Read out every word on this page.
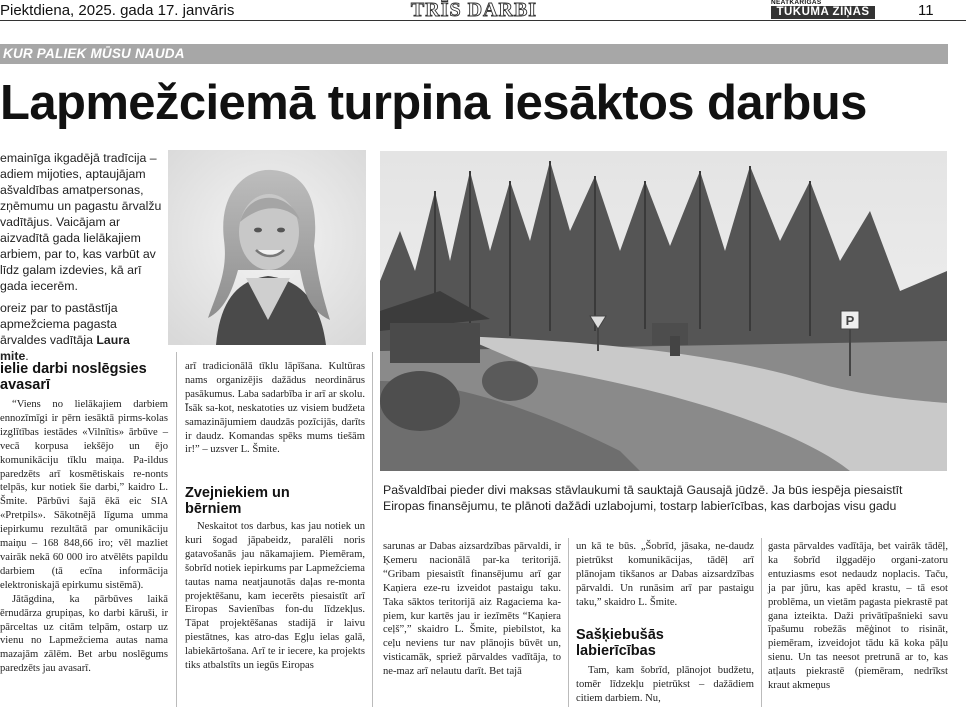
Piektdiena, 2025. gada 17. janvāris	TRĪS DARBI	NEATKARĪGĀS
TUKUMA ZIŅAS	11
KUR PALIEK MŪSU NAUDA
Lapmežciemā turpina iesāktos darbus

emainīga ikgadējā tradīcija – adiem mijoties, aptaujājam ašvaldības amatpersonas, zņēmumu un pagastu ārvalžu vadītājus. Vaicājam ar aizvadītā gada lielākajiem arbiem, par to, kas varbūt av līdz galam izdevies, kā arī gada iecerēm.

oreiz par to pastāstīja apmežciema pagasta ārvaldes vadītāja Laura
mite.

ielie darbi noslēgsies
avasarī

“Viens no lielākajiem darbiem ennozīmīgi ir pērn iesāktā pirms-kolas izglītības iestādes «Vilnītis» ārbūve – vecā korpusa iekšējo un ējo komunikāciju tīklu maiņa. Pa-ildus paredzēts arī kosmētiskais re-nonts telpās, kur notiek šie darbi,” kaidro L. Šmite. Pārbūvi šajā ēkā eic SIA «Pretpils». Sākotnējā līguma umma iepirkumu rezultātā par omunikāciju maiņu – 168 848,66 iro; vēl mazliet vairāk nekā 60 000 iro atvēlēts papildu darbiem (tā ecīna informācija elektroniskajā epirkumu sistēmā).

Jātāgdina, ka pārbūves laikā ērnudārza grupiņas, ko darbi kāruši, ir pārceltas uz citām telpām, ostarp uz vienu no Lapmežciema autas nama mazajām zālēm. Bet arbu noslēgums paredzēts jau avasarī.

arī tradicionālā tīklu lāpīšana. Kultūras nams organizējis dažādus neordinārus pasākumus. Laba sadarbība ir arī ar skolu. Īsāk sa-kot, neskatoties uz visiem budžeta samazinājumiem daudzās pozīcijās, darīts ir daudz. Komandas spēks mums tiešām ir!” – uzsver L. Šmite.

Zvejniekiem un
bērniem

Neskaitot tos darbus, kas jau notiek un kuri šogad jāpabeidz, paralēli noris gatavošanās jau nākamajiem. Piemēram, šobrīd notiek iepirkums par Lapmežciema tautas nama neatjaunotās daļas re-monta projektēšanu, kam iecerēts piesaistīt arī Eiropas Savienības fon-du līdzekļus. Tāpat projektēšanas stadijā ir laivu piestātnes, kas atro-das Egļu ielas galā, labiekārtošana. Arī te ir iecere, ka projekts tiks atbalstīts un iegūs Eiropas

P
Pašvaldībai pieder divi maksas stāvlaukumi tā sauktajā Gausajā jūdzē. Ja būs iespēja piesaistīt Eiropas finansējumu, te plānoti dažādi uzlabojumi, tostarp labierīcības, kas darbojas visu gadu

sarunas ar Dabas aizsardzības pārvaldi, ir Ķemeru nacionālā par-ka teritorijā. “Gribam piesaistīt finansējumu arī gar Kaņiera eze-ru izveidot pastaigu taku. Taka sāktos teritorijā aiz Ragaciema ka-piem, kur kartēs jau ir iezīmēts “Kaņiera ceļš”,” skaidro L. Šmite, piebilstot, ka ceļu neviens tur nav plānojis būvēt un, visticamāk, spriež pārvaldes vadītāja, to ne-maz arī nelautu darīt. Bet tajā

un kā te būs. „Šobrīd, jāsaka, ne-daudz pietrūkst komunikācijas, tādēļ arī plānojam tikšanos ar Dabas aizsardzības pārvaldi. Un runāsim arī par pastaigu taku,” skaidro L. Šmite.

Sašķiebušās
labierīcības

Tam, kam šobrīd, plānojot budžetu, tomēr līdzekļu pietrūkst – dažādiem citiem darbiem. Nu,

gasta pārvaldes vadītāja, bet vairāk tādēļ, ka šobrīd ilggadējo organi-zatoru entuziasms esot nedaudz noplacis. Taču, ja par jūru, kas apēd krastu, – tā esot problēma, un vietām pagasta piekrastē pat gana izteikta. Daži privātīpašnieki savu īpašumu robežās mēģinot to risināt, piemēram, izveidojot tādu kā koka pāļu sienu. Un tas neesot pretrunā ar to, kas atļauts piekrastē (piemēram, nedrīkst kraut akmeņus
